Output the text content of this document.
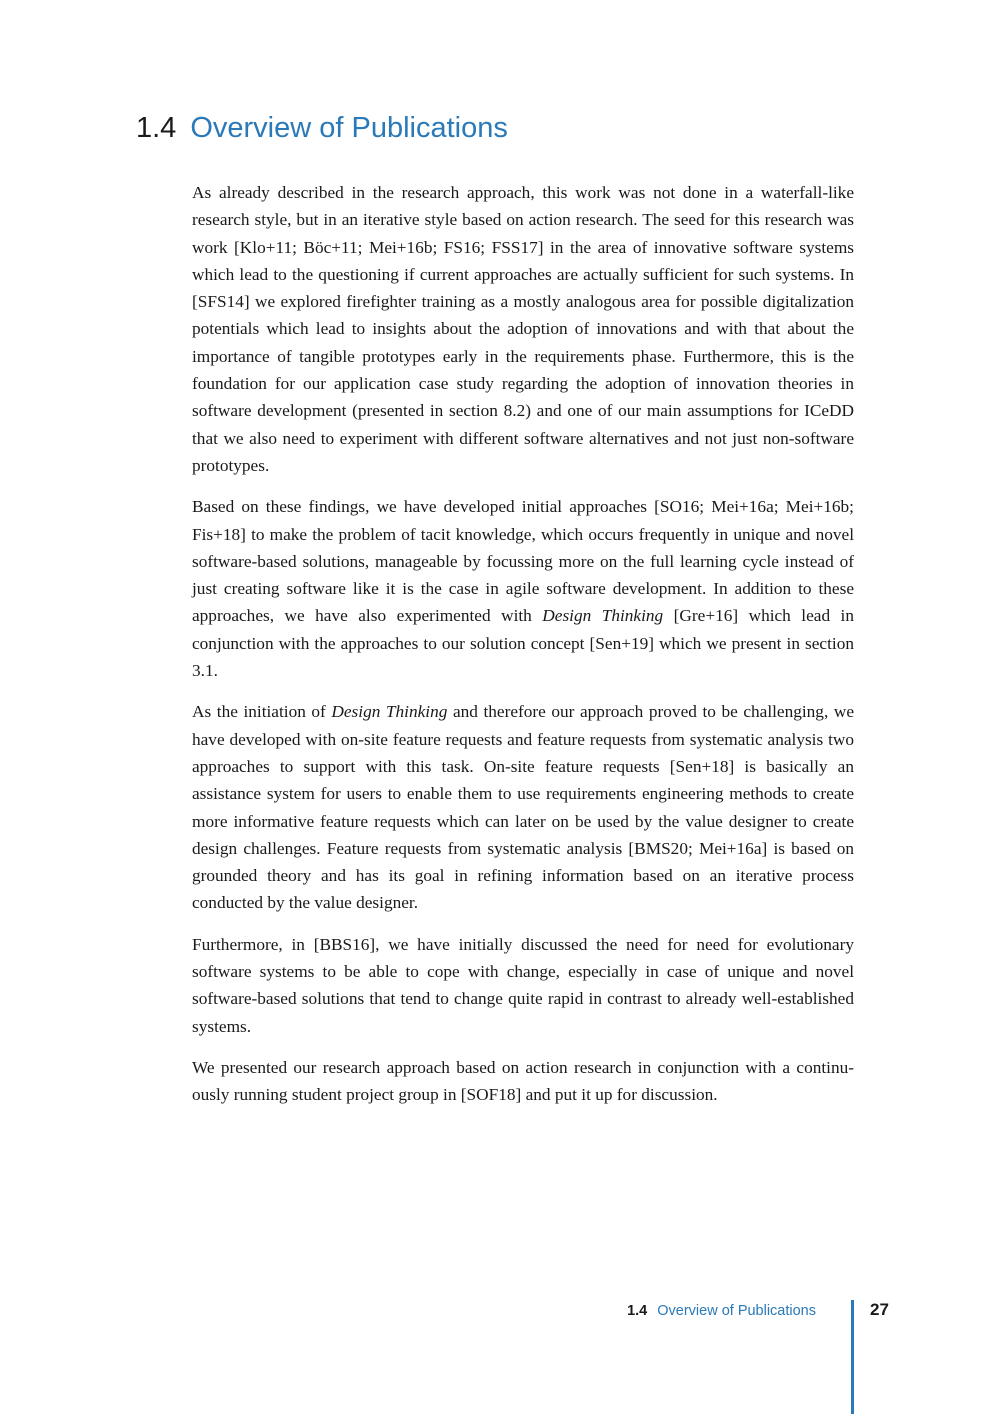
1.4 Overview of Publications

As already described in the research approach, this work was not done in a waterfall-like research style, but in an iterative style based on action research. The seed for this research was work [Klo+11; Böc+11; Mei+16b; FS16; FSS17] in the area of innovative software systems which lead to the questioning if current approaches are actually sufficient for such systems. In [SFS14] we explored firefighter training as a mostly analogous area for possible digitalization potentials which lead to insights about the adoption of innovations and with that about the importance of tangible prototypes early in the requirements phase. Furthermore, this is the foundation for our application case study regarding the adoption of innovation theories in software development (presented in section 8.2) and one of our main assumptions for ICeDD that we also need to experiment with different software alternatives and not just non-software prototypes.

Based on these findings, we have developed initial approaches [SO16; Mei+16a; Mei+16b; Fis+18] to make the problem of tacit knowledge, which occurs frequently in unique and novel software-based solutions, manageable by focussing more on the full learning cycle instead of just creating software like it is the case in agile software development. In addition to these approaches, we have also experimented with Design Thinking [Gre+16] which lead in conjunction with the approaches to our solution concept [Sen+19] which we present in section 3.1.

As the initiation of Design Thinking and therefore our approach proved to be challenging, we have developed with on-site feature requests and feature requests from systematic analysis two approaches to support with this task. On-site feature requests [Sen+18] is basically an assistance system for users to enable them to use requirements engineering methods to create more informative feature requests which can later on be used by the value designer to create design challenges. Feature requests from systematic analysis [BMS20; Mei+16a] is based on grounded theory and has its goal in refining information based on an iterative process conducted by the value designer.

Furthermore, in [BBS16], we have initially discussed the need for need for evolutionary software systems to be able to cope with change, especially in case of unique and novel software-based solutions that tend to change quite rapid in contrast to already well-established systems.

We presented our research approach based on action research in conjunction with a continuously running student project group in [SOF18] and put it up for discussion.

1.4 Overview of Publications	27
